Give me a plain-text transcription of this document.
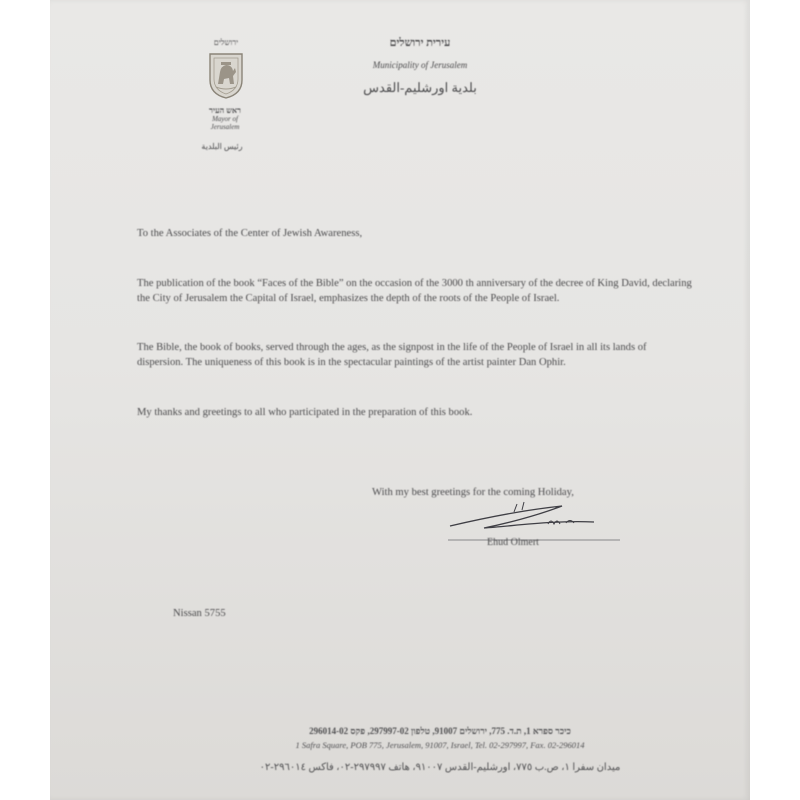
ירושלים
ראש העיר
Mayor of
Jerusalem
رئيس البلدية
עירית ירושלים
Municipality of Jerusalem
بلدية اورشليم-القدس
To the Associates of the Center of Jewish Awareness,
The publication of the book “Faces of the Bible” on the occasion of the 3000 th anniversary of the decree of King David, declaring the City of Jerusalem the Capital of Israel, emphasizes the depth of the roots of the People of Israel.
The Bible, the book of books, served through the ages, as the signpost in the life of the People of Israel in all its lands of dispersion. The uniqueness of this book is in the spectacular paintings of the artist painter Dan Ophir.
My thanks and greetings to all who participated in the preparation of this book.
With my best greetings for the coming Holiday,
Ehud Olmert
Nissan 5755
כיכר ספרא 1, ת.ד. 775, ירושלים 91007, טלפון 297997-02, פקס 296014-02
1 Safra Square, POB 775, Jerusalem, 91007, Israel, Tel. 02-297997, Fax. 02-296014
ميدان سفرا ١، ص.ب ٧٧٥، اورشليم-القدس ٩١٠٠٧، هاتف ٢٩٧٩٩٧-٠٢، فاكس ٢٩٦٠١٤-٠٢
